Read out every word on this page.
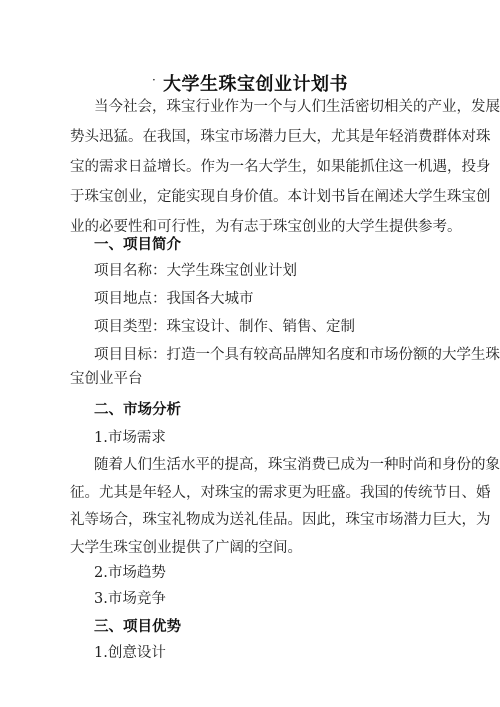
· 大学生珠宝创业计划书
当今社会，珠宝行业作为一个与人们生活密切相关的产业，发展
势头迅猛。在我国，珠宝市场潜力巨大，尤其是年轻消费群体对珠
宝的需求日益增长。作为一名大学生，如果能抓住这一机遇，投身
于珠宝创业，定能实现自身价值。本计划书旨在阐述大学生珠宝创
业的必要性和可行性，为有志于珠宝创业的大学生提供参考。
一、项目简介
项目名称：大学生珠宝创业计划
项目地点：我国各大城市
项目类型：珠宝设计、制作、销售、定制
项目目标：打造一个具有较高品牌知名度和市场份额的大学生珠
宝创业平台
二、市场分析
1.市场需求
随着人们生活水平的提高，珠宝消费已成为一种时尚和身份的象
征。尤其是年轻人，对珠宝的需求更为旺盛。我国的传统节日、婚
礼等场合，珠宝礼物成为送礼佳品。因此，珠宝市场潜力巨大，为
大学生珠宝创业提供了广阔的空间。
2.市场趋势
3.市场竞争
三、项目优势
1.创意设计
